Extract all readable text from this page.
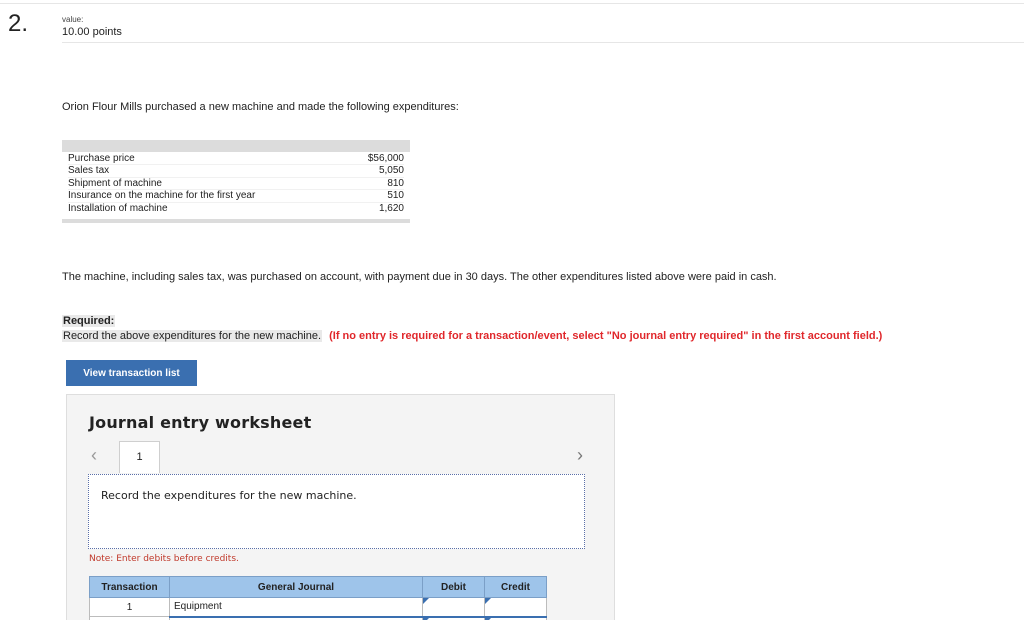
2.	value:
10.00 points
Orion Flour Mills purchased a new machine and made the following expenditures:
Purchase price	$56,000
Sales tax	5,050
Shipment of machine	810
Insurance on the machine for the first year	510
Installation of machine	1,620
The machine, including sales tax, was purchased on account, with payment due in 30 days. The other expenditures listed above were paid in cash.
Required:
Record the above expenditures for the new machine. (If no entry is required for a transaction/event, select "No journal entry required" in the first account field.)
View transaction list
Journal entry worksheet
‹	1	›
Record the expenditures for the new machine.
Note: Enter debits before credits.
Transaction	General Journal	Debit	Credit
1	Equipment		
